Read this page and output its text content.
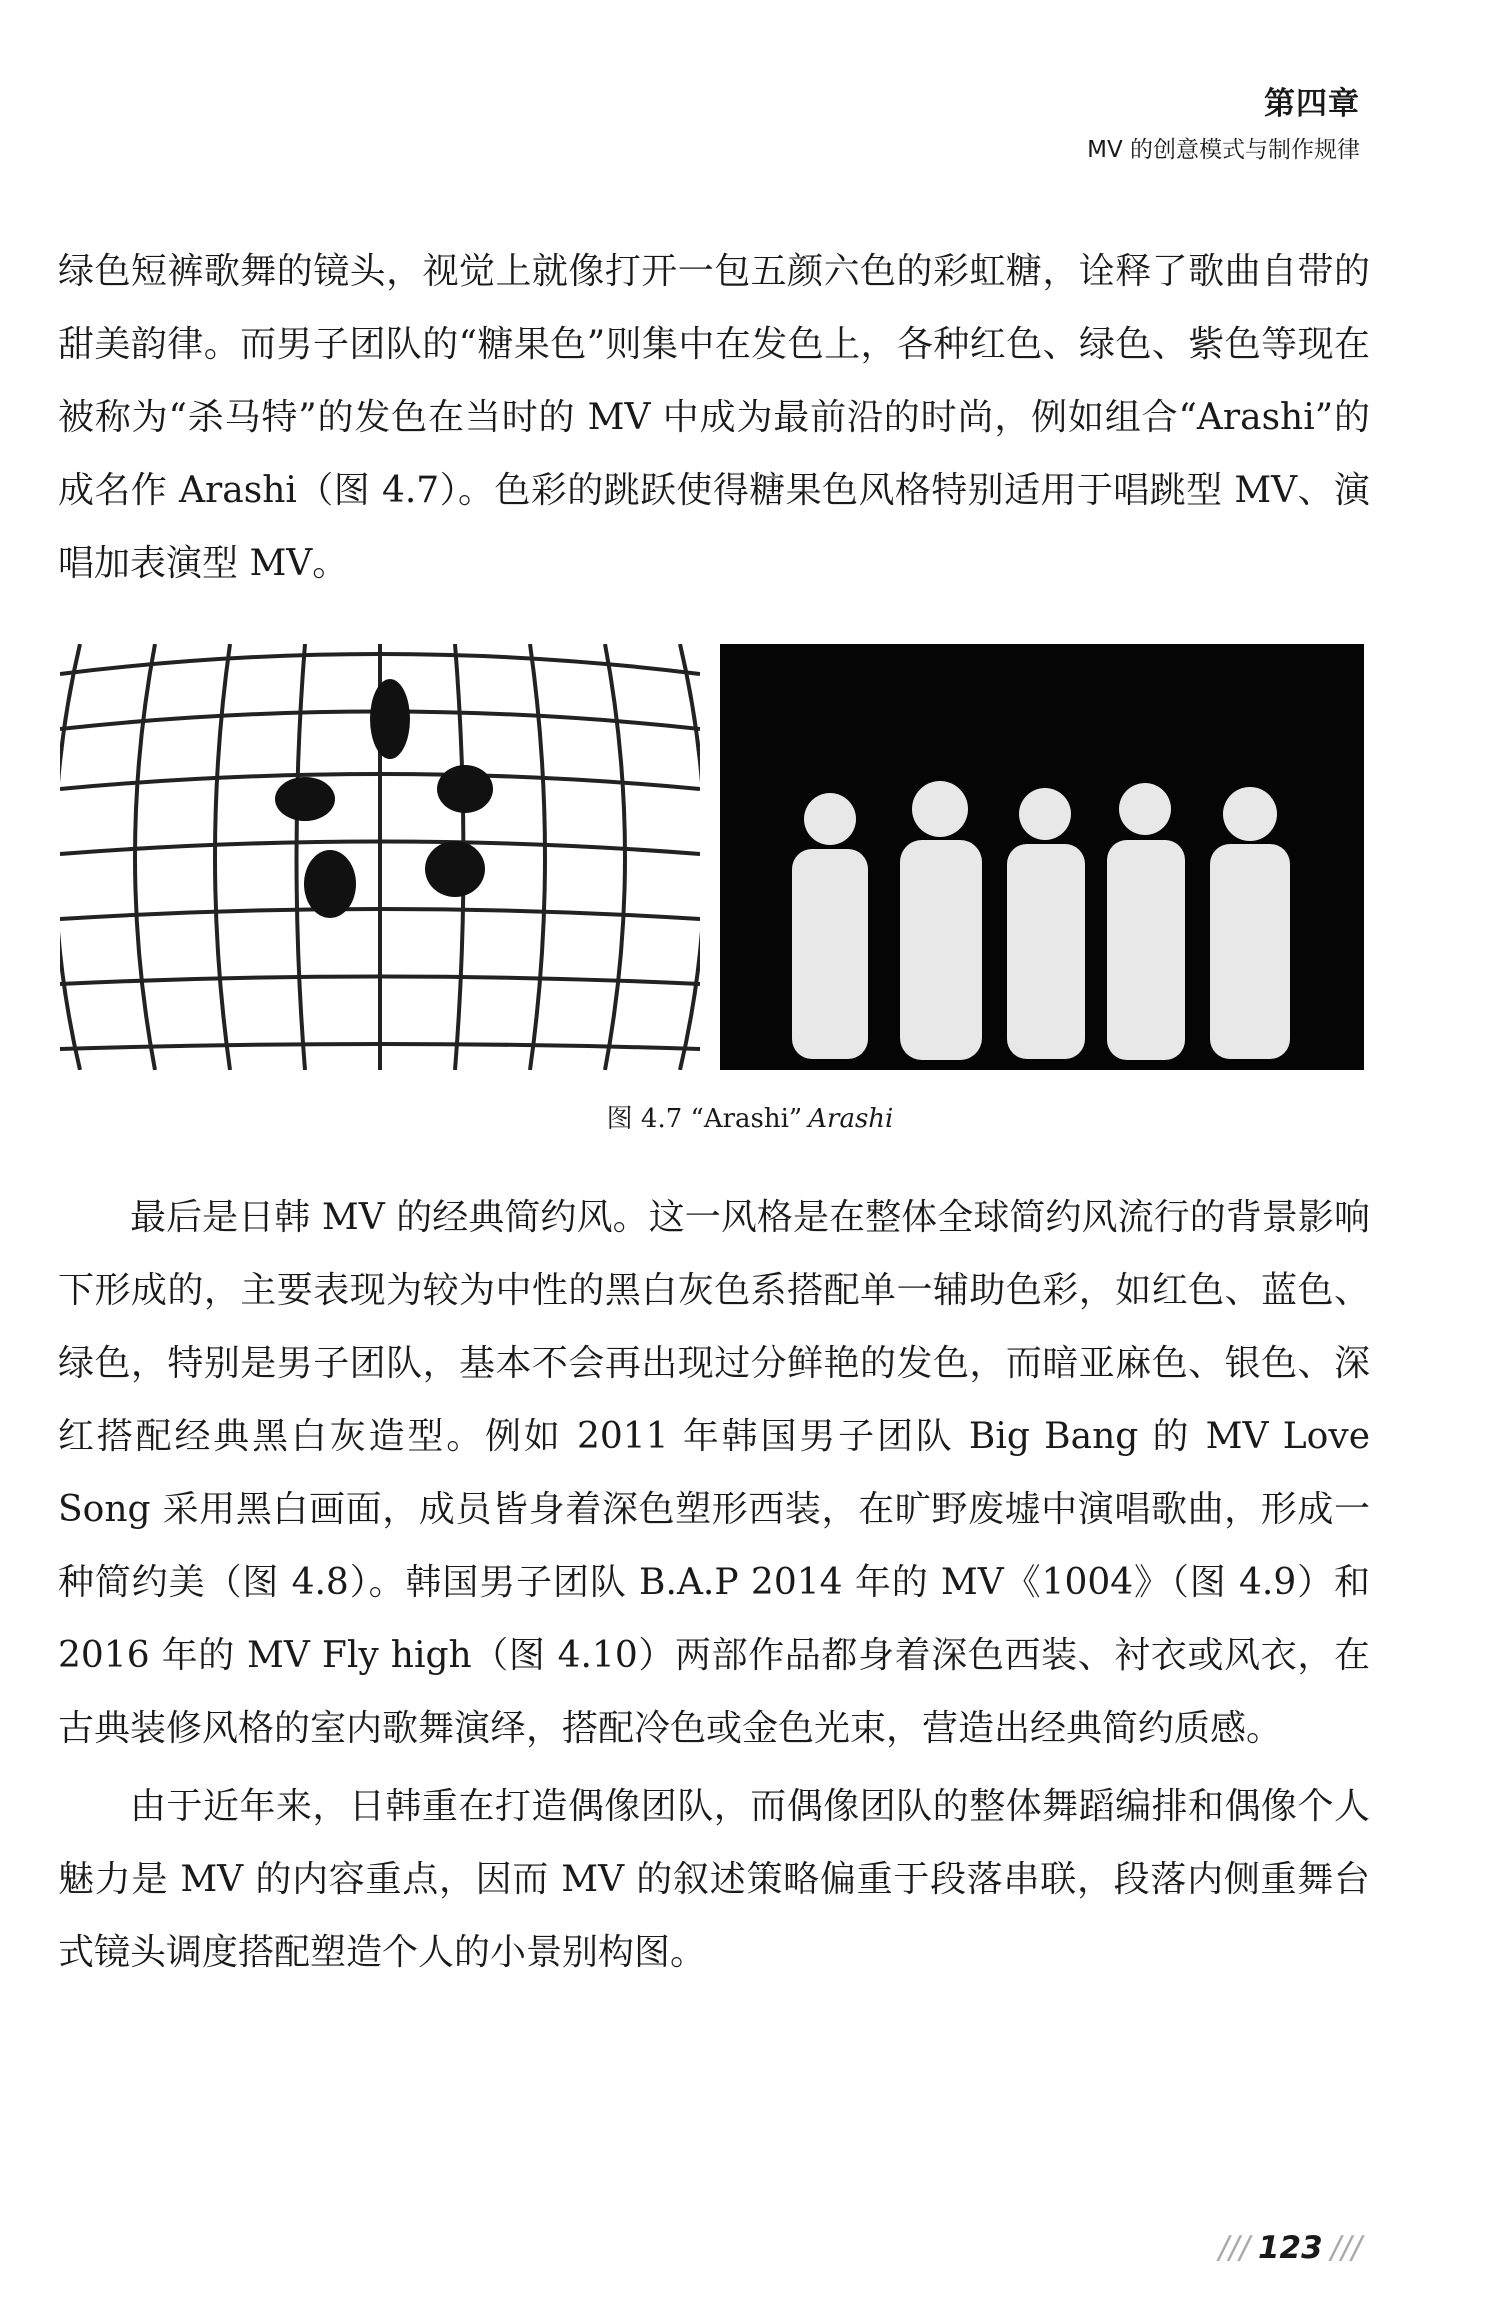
第四章
MV 的创意模式与制作规律

绿色短裤歌舞的镜头，视觉上就像打开一包五颜六色的彩虹糖，诠释了歌曲自带的甜美韵律。而男子团队的“糖果色”则集中在发色上，各种红色、绿色、紫色等现在被称为“杀马特”的发色在当时的 MV 中成为最前沿的时尚，例如组合“Arashi”的成名作 Arashi（图 4.7）。色彩的跳跃使得糖果色风格特别适用于唱跳型 MV、演唱加表演型 MV。

图 4.7 “Arashi” Arashi

最后是日韩 MV 的经典简约风。这一风格是在整体全球简约风流行的背景影响下形成的，主要表现为较为中性的黑白灰色系搭配单一辅助色彩，如红色、蓝色、绿色，特别是男子团队，基本不会再出现过分鲜艳的发色，而暗亚麻色、银色、深红搭配经典黑白灰造型。例如 2011 年韩国男子团队 Big Bang 的 MV Love Song 采用黑白画面，成员皆身着深色塑形西装，在旷野废墟中演唱歌曲，形成一种简约美（图 4.8）。韩国男子团队 B.A.P 2014 年的 MV《1004》（图 4.9）和 2016 年的 MV Fly high（图 4.10）两部作品都身着深色西装、衬衣或风衣，在古典装修风格的室内歌舞演绎，搭配冷色或金色光束，营造出经典简约质感。

由于近年来，日韩重在打造偶像团队，而偶像团队的整体舞蹈编排和偶像个人魅力是 MV 的内容重点，因而 MV 的叙述策略偏重于段落串联，段落内侧重舞台式镜头调度搭配塑造个人的小景别构图。

/// 123 ///
